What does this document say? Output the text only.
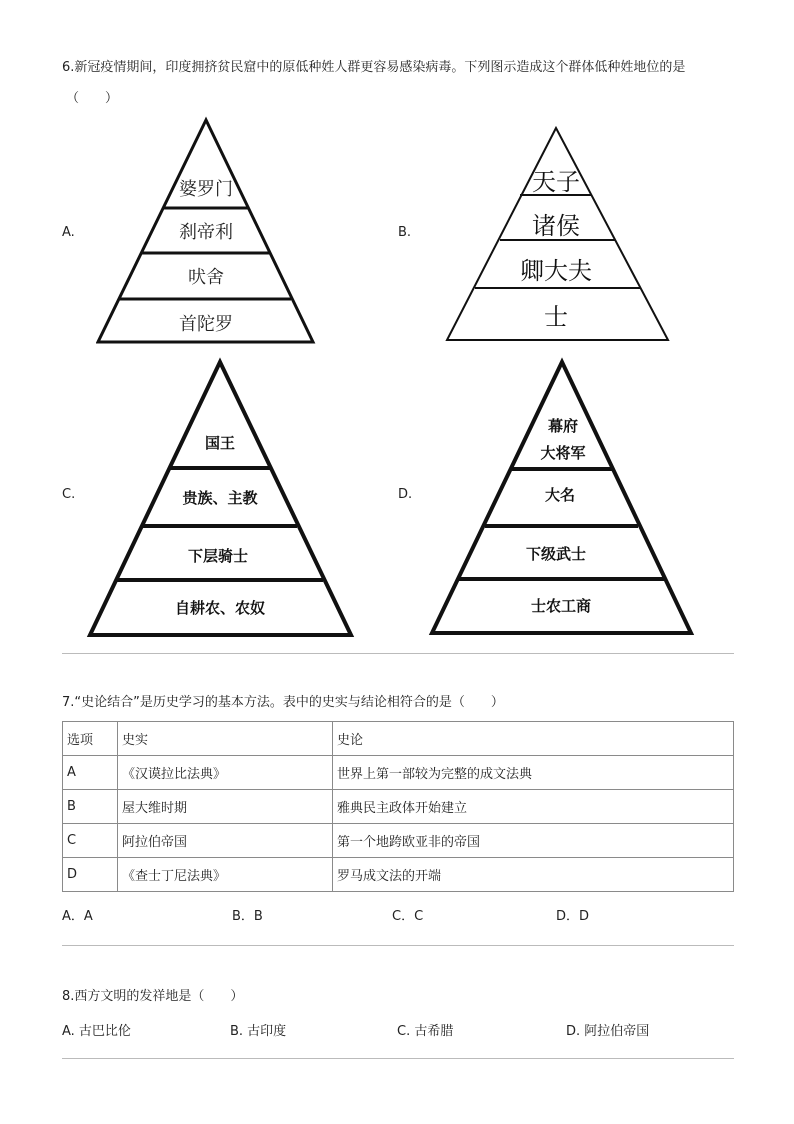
6.新冠疫情期间，印度拥挤贫民窟中的原低种姓人群更容易感染病毒。下列图示造成这个群体低种姓地位的是
（　　）
A.	B.
C.	D.
婆罗门
刹帝利
吠舍
首陀罗
天子
诸侯
卿大夫
士
国王
贵族、主教
下层骑士
自耕农、农奴
幕府
大将军
大名
下级武士
士农工商
7.“史论结合”是历史学习的基本方法。表中的史实与结论相符合的是（　　）
选项	史实	史论
A	《汉谟拉比法典》	世界上第一部较为完整的成文法典
B	屋大维时期	雅典民主政体开始建立
C	阿拉伯帝国	第一个地跨欧亚非的帝国
D	《查士丁尼法典》	罗马成文法的开端
A．A	B．B	C．C	D．D
8.西方文明的发祥地是（　　）
A. 古巴比伦	B. 古印度	C. 古希腊	D. 阿拉伯帝国
